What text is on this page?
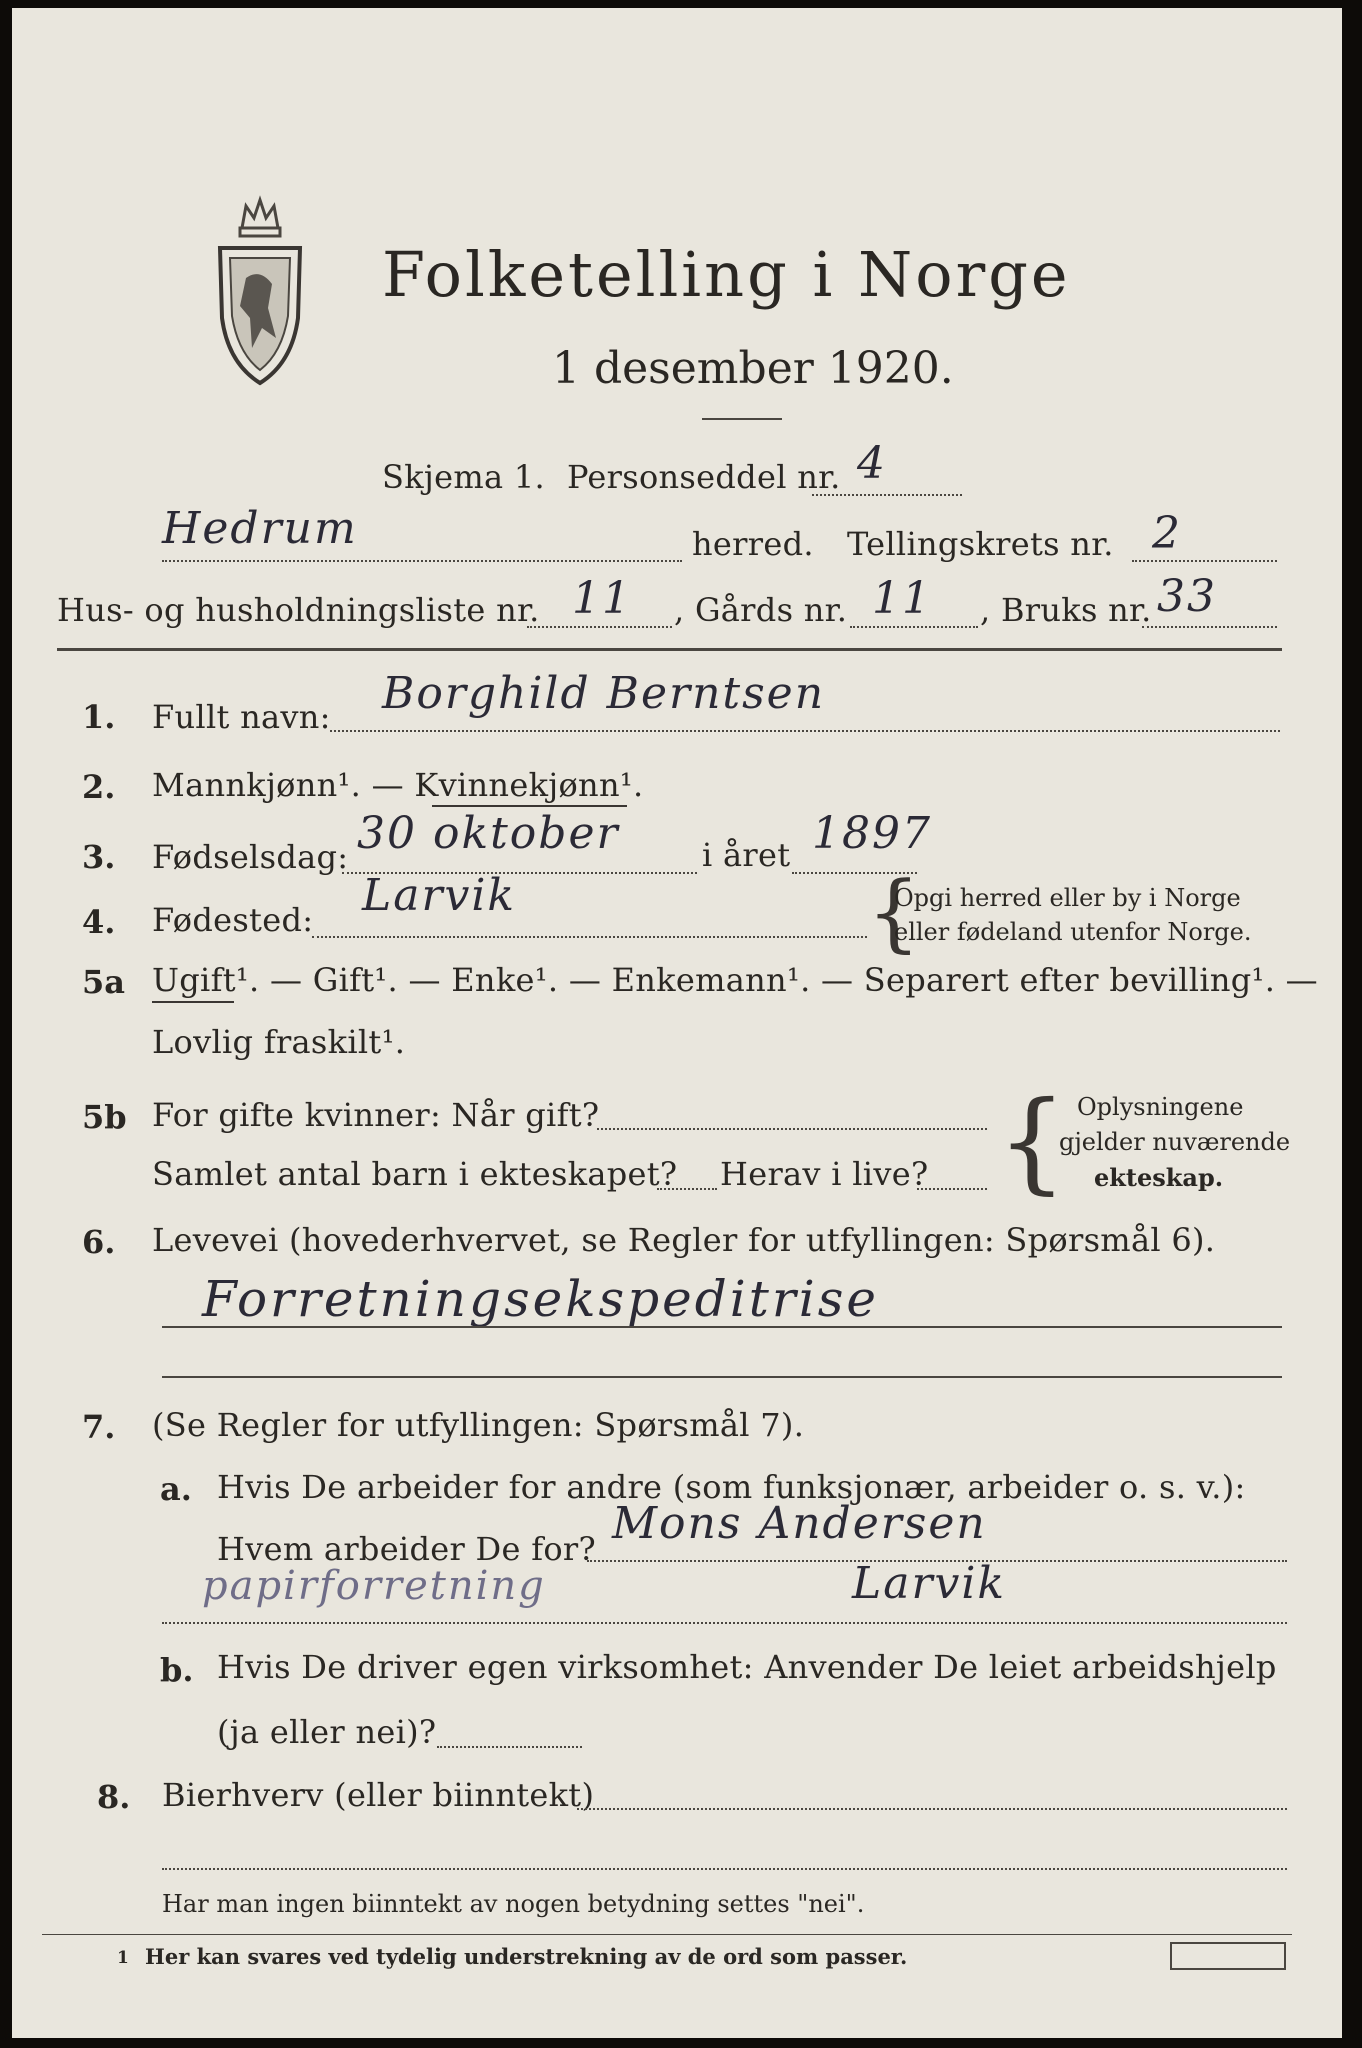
Folketelling i Norge
1 desember 1920.
Skjema 1. Personseddel nr. 4
Hedrum	herred. Tellingskrets nr. 2
Hus- og husholdningsliste nr. 11 , Gårds nr. 11 , Bruks nr. 33
1. Fullt navn: Borghild Berntsen
2. Mannkjønn¹. — Kvinnekjønn¹.
3. Fødselsdag: 30 oktober	i året 1897
4. Fødested: Larvik	{
Opgi herred eller by i Norge
eller fødeland utenfor Norge.
5a Ugift¹. — Gift¹. — Enke¹. — Enkemann¹. — Separert efter bevilling¹. —
Lovlig fraskilt¹.
5b For gifte kvinner: Når gift?
Samlet antal barn i ekteskapet? Herav i live? { Oplysningene
gjelder nuværende
ekteskap.
6. Levevei (hovederhvervet, se Regler for utfyllingen: Spørsmål 6).
Forretningsekspeditrise
7. (Se Regler for utfyllingen: Spørsmål 7).
a. Hvis De arbeider for andre (som funksjonær, arbeider o. s. v.):
Hvem arbeider De for? Mons Andersen
papirforretning	Larvik
b. Hvis De driver egen virksomhet: Anvender De leiet arbeidshjelp
(ja eller nei)?
8. Bierhverv (eller biinntekt)
Har man ingen biinntekt av nogen betydning settes "nei".
1 Her kan svares ved tydelig understrekning av de ord som passer.
